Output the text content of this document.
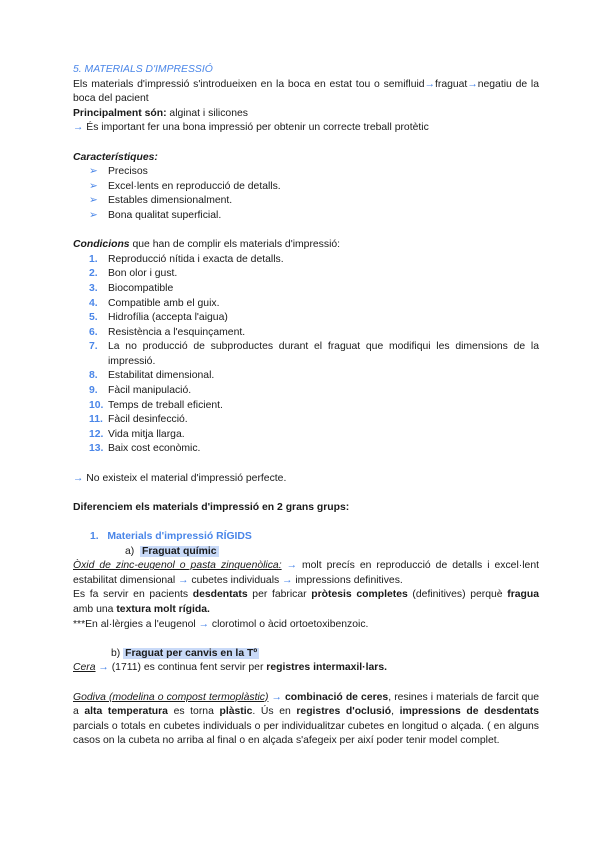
5. MATERIALS D'IMPRESSIÓ

Els materials d'impressió s'introdueixen en la boca en estat tou o semifluid→fraguat→negatiu de la boca del pacient

Principalment són: alginat i silicones

→ És important fer una bona impressió per obtenir un correcte treball protètic

Característiques:

➢ Precisos
➢ Excel·lents en reproducció de detalls.
➢ Estables dimensionalment.
➢ Bona qualitat superficial.

Condicions que han de complir els materials d'impressió:

1. Reproducció nítida i exacta de detalls.
2. Bon olor i gust.
3. Biocompatible
4. Compatible amb el guix.
5. Hidrofília (accepta l'aigua)
6. Resistència a l'esquinçament.
7. La no producció de subproductes durant el fraguat que modifiqui les dimensions de la impressió.
8. Estabilitat dimensional.
9. Fàcil manipulació.
10. Temps de treball eficient.
11. Fàcil desinfecció.
12. Vida mitja llarga.
13. Baix cost econòmic.

→ No existeix el material d'impressió perfecte.

Diferenciem els materials d'impressió en 2 grans grups:

1. Materials d'impressió RÍGIDS

a) Fraguat químic

Òxid de zinc-eugenol o pasta zinquenòlica: → molt precís en reproducció de detalls i excel·lent estabilitat dimensional → cubetes individuals → impressions definitives.

Es fa servir en pacients desdentats per fabricar pròtesis completes (definitives) perquè fragua amb una textura molt rígida.

***En al·lèrgies a l'eugenol → clorotimol o àcid ortoetoxibenzoic.

b) Fraguat per canvis en la Tº

Cera → (1711) es continua fent servir per registres intermaxil·lars.

Godiva (modelina o compost termoplàstic) → combinació de ceres, resines i materials de farcit que a alta temperatura es torna plàstic. Ús en registres d'oclusió, impressions de desdentats parcials o totals en cubetes individuals o per individualitzar cubetes en longitud o alçada. ( en alguns casos on la cubeta no arriba al final o en alçada s'afegeix per així poder tenir model complet.
